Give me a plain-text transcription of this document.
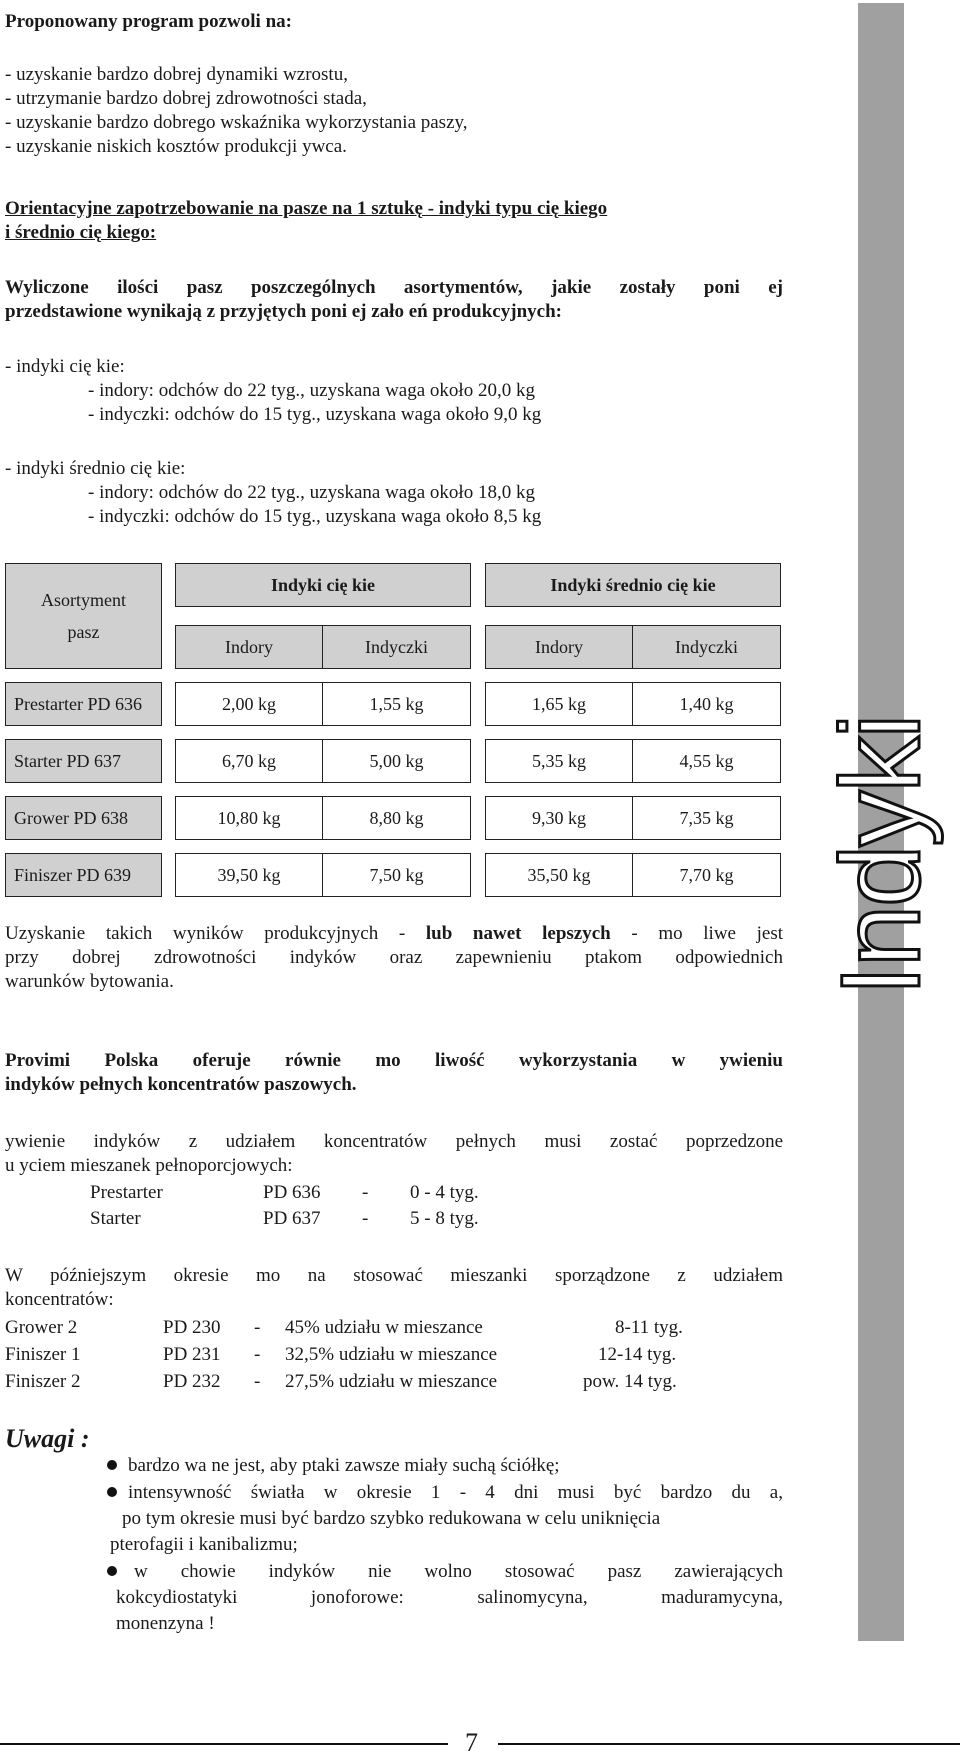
Proponowany program pozwoli na:
- uzyskanie bardzo dobrej dynamiki wzrostu,
- utrzymanie bardzo dobrej zdrowotności stada,
- uzyskanie bardzo dobrego wskaźnika wykorzystania paszy,
- uzyskanie niskich kosztów produkcji ywca.
Orientacyjne zapotrzebowanie na pasze na 1 sztukę - indyki typu cię kiego
i średnio cię kiego:
Wyliczone ilości pasz poszczególnych asortymentów, jakie zostały poni ej
przedstawione wynikają z przyjętych poni ej zało eń produkcyjnych:
- indyki cię kie:
- indory: odchów do 22 tyg., uzyskana waga około 20,0 kg
- indyczki: odchów do 15 tyg., uzyskana waga około 9,0 kg
- indyki średnio cię kie:
- indory: odchów do 22 tyg., uzyskana waga około 18,0 kg
- indyczki: odchów do 15 tyg., uzyskana waga około 8,5 kg
Asortyment
pasz
Indyki cię kie	Indyki średnio cię kie
Indory	Indyczki	Indory	Indyczki
Prestarter PD 636	2,00 kg	1,55 kg	1,65 kg	1,40 kg
Starter PD 637	6,70 kg	5,00 kg	5,35 kg	4,55 kg
Grower PD 638	10,80 kg	8,80 kg	9,30 kg	7,35 kg
Finiszer PD 639	39,50 kg	7,50 kg	35,50 kg	7,70 kg
Uzyskanie takich wyników produkcyjnych - lub nawet lepszych - mo liwe jest
przy dobrej zdrowotności indyków oraz zapewnieniu ptakom odpowiednich
warunków bytowania.
Provimi Polska oferuje równie mo liwość wykorzystania w ywieniu
indyków pełnych koncentratów paszowych.
ywienie indyków z udziałem koncentratów pełnych musi zostać poprzedzone
u yciem mieszanek pełnoporcjowych:
Prestarter	PD 636 - 0 - 4 tyg.
Starter	PD 637 - 5 - 8 tyg.
W późniejszym okresie mo na stosować mieszanki sporządzone z udziałem
koncentratów:
Grower 2	PD 230 - 45% udziału w mieszance	8-11 tyg.
Finiszer 1	PD 231 - 32,5% udziału w mieszance	12-14 tyg.
Finiszer 2	PD 232 - 27,5% udziału w mieszance	pow. 14 tyg.
Uwagi :
bardzo wa ne jest, aby ptaki zawsze miały suchą ściółkę;
intensywność światła w okresie 1 - 4 dni musi być bardzo du a,
po tym okresie musi być bardzo szybko redukowana w celu uniknięcia
pterofagii i kanibalizmu;
w chowie indyków nie wolno stosować pasz zawierających
kokcydiostatyki jonoforowe: salinomycyna, maduramycyna,
monenzyna !
Indyki
7
